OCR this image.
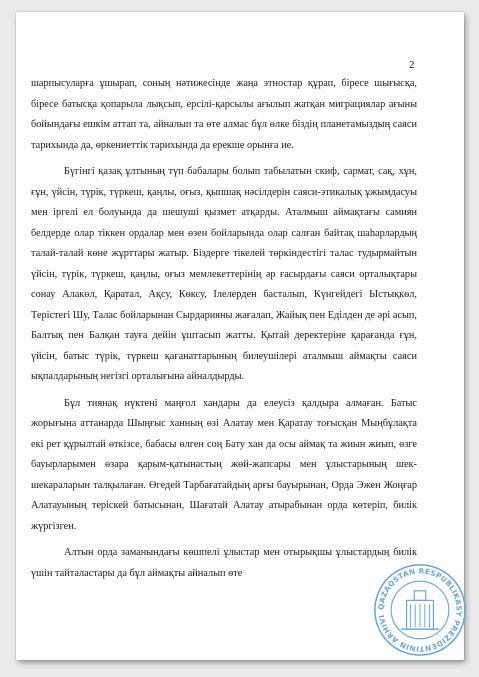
2

шарпысуларға ұшырап, соның нәтижесінде жаңа этностар құрап, біресе шығысқа, біресе батысқа қопарыла лықсып, ерсілі-қарсылы ағылып жатқан миграциялар ағыны бойындағы ешкім аттап та, айналып та өте алмас бұл өлке біздің планетамыздың саяси тарихында да, өркениеттік тарихында да ерекше орынға ие.

Бүгінгі қазақ ұлтының түп бабалары болып табылатын скиф, сармат, сақ, хұн, ғұн, үйсін, түрік, түркеш, қаңлы, оғыз, қыпшақ нәсілдерін саяси-этикалық ұжымдасуы мен іргелі ел болуында да шешуші қызмет атқарды. Аталмыш аймақтағы самиян белдерде олар тіккен ордалар мен өзен бойларында олар салған байтақ шаһарлардың талай-талай көне жұрттары жатыр. Біздерге тікелей төркіндестігі талас тудырмайтын үйсін, түрік, түркеш, қаңлы, оғыз мемлекеттерінің әр ғасырдағы саяси орталықтары сонау Алакөл, Қаратал, Ақсу, Көксу, Ілелерден басталып, Күнгейдегі Ыстықкөл, Терістегі Шу, Талас бойларынан Сырдарияны жағалап, Жайық пен Еділден де әрі асып, Балтық пен Балқан тауға дейін ұштасып жатты. Қытай деректеріне қарағанда ғұн, үйсін, батыс түрік, түркеш қағанаттарының билеушілері аталмыш аймақты саяси ықпалдарының негізгі орталығына айналдырды.

Бұл тиянақ нүктені маңғол хандары да елеусіз қалдыра алмаған. Батыс жорығына аттанарда Шыңғыс ханның өзі Алатау мен Қаратау тоғысқан Мыңбұлақта екі рет құрылтай өткізсе, бабасы өлген соң Бату хан да осы аймақ та жиын жиып, өзге бауырларымен өзара қарым-қатынастың жөй-жапсары мен ұлыстарының шек-шекараларын талқылаған. Өгедей Тарбағатайдың арғы бауырынан, Орда Эжен Жоңғар Алатауының терiскей батысынан, Шағатай Алатау атырабынан орда көтеріп, билік жүргізген.

Алтын орда заманындағы көшпелі ұлыстар мен отырықшы ұлыстардың билік үшін тайталастары да бұл аймақты айналып өте

QAZAQSTAN RESPUBLIKASY PREZIDENTINІN ARHIVI
